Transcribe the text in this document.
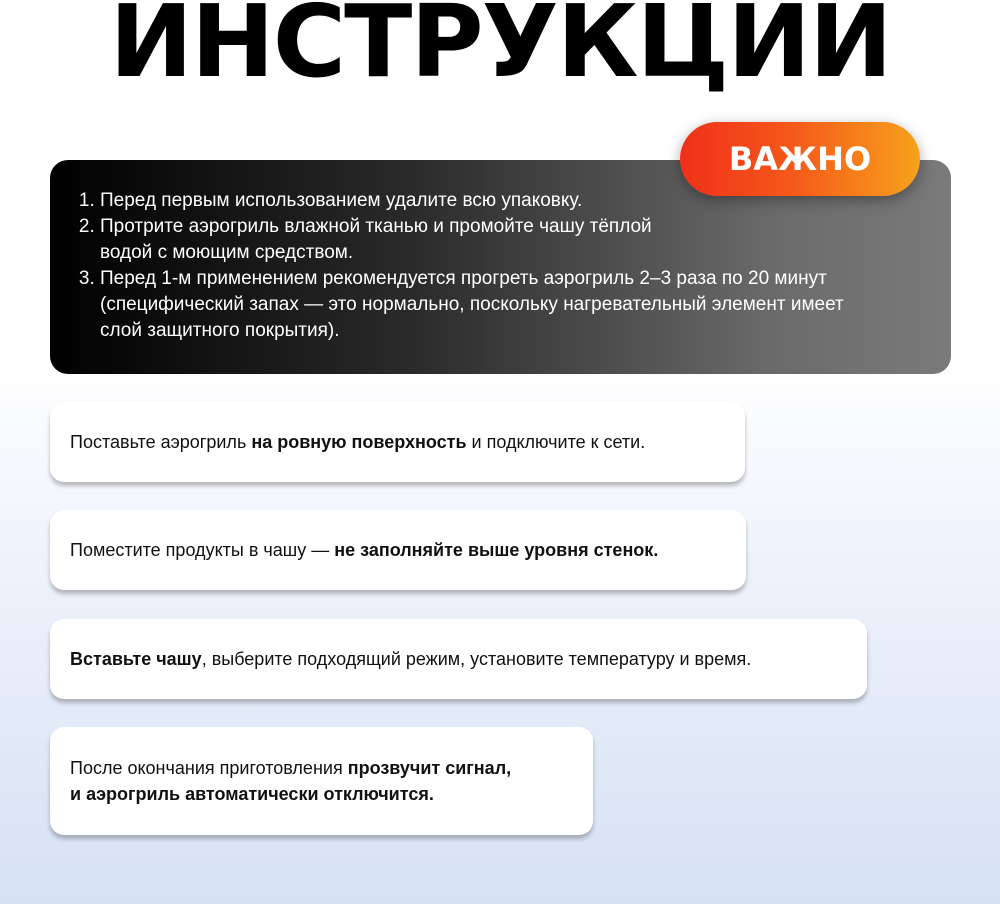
ИНСТРУКЦИИ
1. Перед первым использованием удалите всю упаковку.
2. Протрите аэрогриль влажной тканью и промойте чашу тёплой
водой с моющим средством.
3. Перед 1-м применением рекомендуется прогреть аэрогриль 2–3 раза по 20 минут
(специфический запах — это нормально, поскольку нагревательный элемент имеет
слой защитного покрытия).
ВАЖНО
Поставьте аэрогриль на ровную поверхность и подключите к сети.
Поместите продукты в чашу — не заполняйте выше уровня стенок.
Вставьте чашу, выберите подходящий режим, установите температуру и время.
После окончания приготовления прозвучит сигнал,
и аэрогриль автоматически отключится.
